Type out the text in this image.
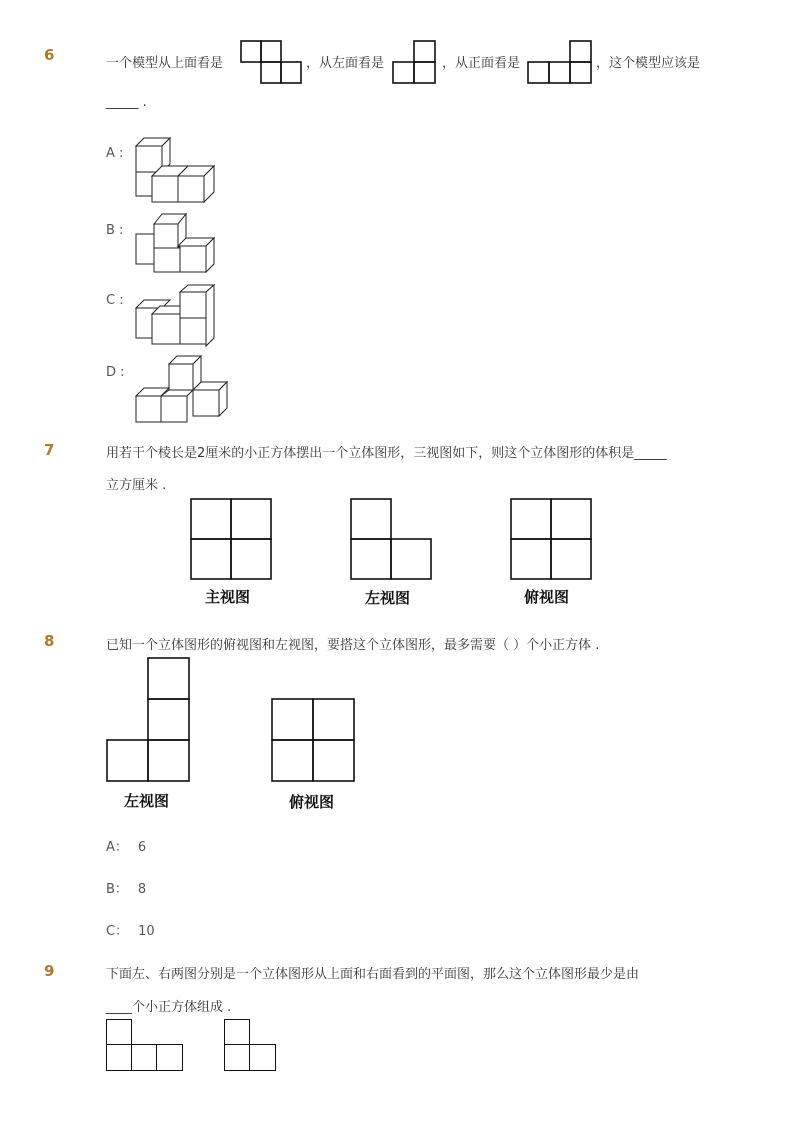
6	一个模型从上面看是	，从左面看是	，从正面看是	，这个模型应该是
_____ .
A :
B :
C :
D :
7	用若干个棱长是2厘米的小正方体摆出一个立体图形，三视图如下，则这个立体图形的体积是_____
立方厘米 .
主视图	左视图	俯视图
8	已知一个立体图形的俯视图和左视图，要搭这个立体图形，最多需要（ ）个小正方体 .
左视图	俯视图
A： 6
B： 8
C： 10
9	下面左、右两图分别是一个立体图形从上面和右面看到的平面图，那么这个立体图形最少是由
____个小正方体组成 .
